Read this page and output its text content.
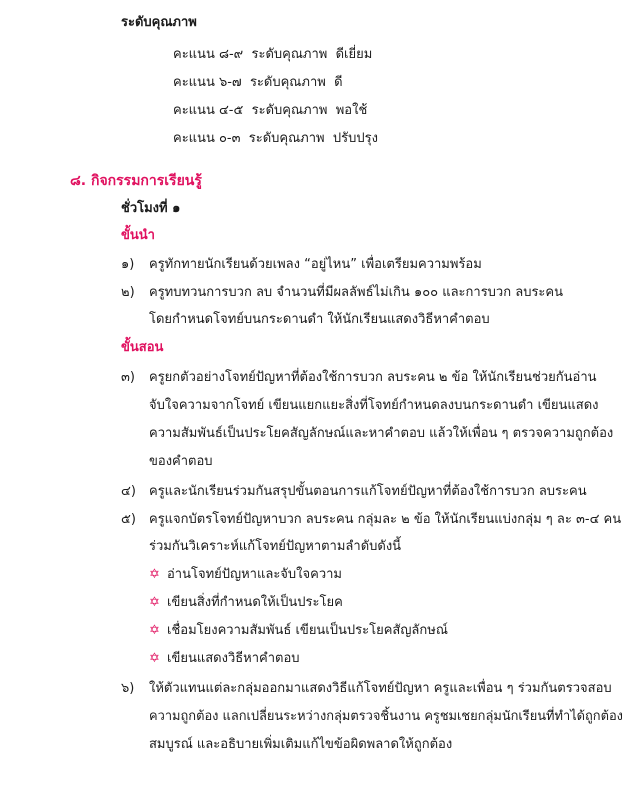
ระดับคุณภาพ
คะแนน ๘-๙ ระดับคุณภาพ ดีเยี่ยม
คะแนน ๖-๗ ระดับคุณภาพ ดี
คะแนน ๔-๕ ระดับคุณภาพ พอใช้
คะแนน ๐-๓ ระดับคุณภาพ ปรับปรุง
๘. กิจกรรมการเรียนรู้
ชั่วโมงที่ ๑
ขั้นนำ
๑) ครูทักทายนักเรียนด้วยเพลง “อยู่ไหน” เพื่อเตรียมความพร้อม
๒) ครูทบทวนการบวก ลบ จำนวนที่มีผลลัพธ์ไม่เกิน ๑๐๐ และการบวก ลบระคน
โดยกำหนดโจทย์บนกระดานดำ ให้นักเรียนแสดงวิธีหาคำตอบ
ขั้นสอน
๓) ครูยกตัวอย่างโจทย์ปัญหาที่ต้องใช้การบวก ลบระคน ๒ ข้อ ให้นักเรียนช่วยกันอ่าน
จับใจความจากโจทย์ เขียนแยกแยะสิ่งที่โจทย์กำหนดลงบนกระดานดำ เขียนแสดง
ความสัมพันธ์เป็นประโยคสัญลักษณ์และหาคำตอบ แล้วให้เพื่อน ๆ ตรวจความถูกต้อง
ของคำตอบ
๔) ครูและนักเรียนร่วมกันสรุปขั้นตอนการแก้โจทย์ปัญหาที่ต้องใช้การบวก ลบระคน
๕) ครูแจกบัตรโจทย์ปัญหาบวก ลบระคน กลุ่มละ ๒ ข้อ ให้นักเรียนแบ่งกลุ่ม ๆ ละ ๓-๔ คน
ร่วมกันวิเคราะห์แก้โจทย์ปัญหาตามลำดับดังนี้
✡ อ่านโจทย์ปัญหาและจับใจความ
✡ เขียนสิ่งที่กำหนดให้เป็นประโยค
✡ เชื่อมโยงความสัมพันธ์ เขียนเป็นประโยคสัญลักษณ์
✡ เขียนแสดงวิธีหาคำตอบ
๖) ให้ตัวแทนแต่ละกลุ่มออกมาแสดงวิธีแก้โจทย์ปัญหา ครูและเพื่อน ๆ ร่วมกันตรวจสอบ
ความถูกต้อง แลกเปลี่ยนระหว่างกลุ่มตรวจชิ้นงาน ครูชมเชยกลุ่มนักเรียนที่ทำได้ถูกต้อง
สมบูรณ์ และอธิบายเพิ่มเติมแก้ไขข้อผิดพลาดให้ถูกต้อง
